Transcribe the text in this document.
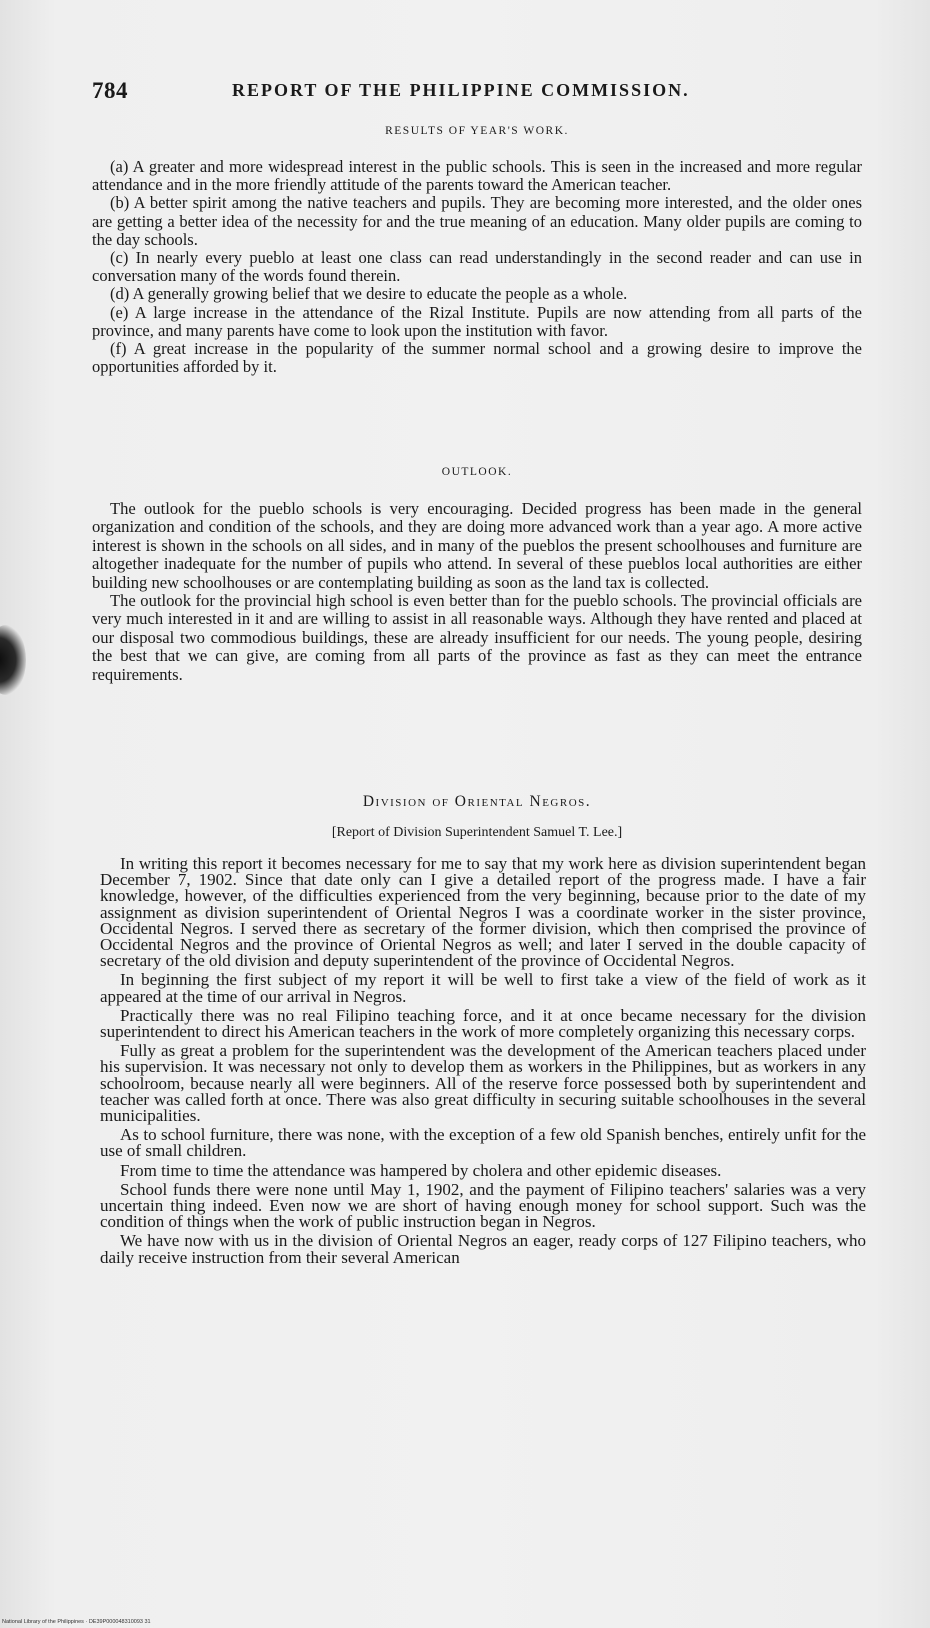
784	REPORT OF THE PHILIPPINE COMMISSION.
RESULTS OF YEAR'S WORK.

(a) A greater and more widespread interest in the public schools. This is seen in the increased and more regular attendance and in the more friendly attitude of the parents toward the American teacher.

(b) A better spirit among the native teachers and pupils. They are becoming more interested, and the older ones are getting a better idea of the necessity for and the true meaning of an education. Many older pupils are coming to the day schools.

(c) In nearly every pueblo at least one class can read understandingly in the second reader and can use in conversation many of the words found therein.

(d) A generally growing belief that we desire to educate the people as a whole.

(e) A large increase in the attendance of the Rizal Institute. Pupils are now attending from all parts of the province, and many parents have come to look upon the institution with favor.

(f) A great increase in the popularity of the summer normal school and a growing desire to improve the opportunities afforded by it.

OUTLOOK.

The outlook for the pueblo schools is very encouraging. Decided progress has been made in the general organization and condition of the schools, and they are doing more advanced work than a year ago. A more active interest is shown in the schools on all sides, and in many of the pueblos the present schoolhouses and furniture are altogether inadequate for the number of pupils who attend. In several of these pueblos local authorities are either building new schoolhouses or are contemplating building as soon as the land tax is collected.

The outlook for the provincial high school is even better than for the pueblo schools. The provincial officials are very much interested in it and are willing to assist in all reasonable ways. Although they have rented and placed at our disposal two commodious buildings, these are already insufficient for our needs. The young people, desiring the best that we can give, are coming from all parts of the province as fast as they can meet the entrance requirements.

Division of Oriental Negros.
[Report of Division Superintendent Samuel T. Lee.]

In writing this report it becomes necessary for me to say that my work here as division superintendent began December 7, 1902. Since that date only can I give a detailed report of the progress made. I have a fair knowledge, however, of the difficulties experienced from the very beginning, because prior to the date of my assignment as division superintendent of Oriental Negros I was a coordinate worker in the sister province, Occidental Negros. I served there as secretary of the former division, which then comprised the province of Occidental Negros and the province of Oriental Negros as well; and later I served in the double capacity of secretary of the old division and deputy superintendent of the province of Occidental Negros.

In beginning the first subject of my report it will be well to first take a view of the field of work as it appeared at the time of our arrival in Negros.

Practically there was no real Filipino teaching force, and it at once became necessary for the division superintendent to direct his American teachers in the work of more completely organizing this necessary corps.

Fully as great a problem for the superintendent was the development of the American teachers placed under his supervision. It was necessary not only to develop them as workers in the Philippines, but as workers in any schoolroom, because nearly all were beginners. All of the reserve force possessed both by superintendent and teacher was called forth at once. There was also great difficulty in securing suitable schoolhouses in the several municipalities.

As to school furniture, there was none, with the exception of a few old Spanish benches, entirely unfit for the use of small children.

From time to time the attendance was hampered by cholera and other epidemic diseases.

School funds there were none until May 1, 1902, and the payment of Filipino teachers' salaries was a very uncertain thing indeed. Even now we are short of having enough money for school support. Such was the condition of things when the work of public instruction began in Negros.

We have now with us in the division of Oriental Negros an eager, ready corps of 127 Filipino teachers, who daily receive instruction from their several American

National Library of the Philippines · DE39P000048310093 31
